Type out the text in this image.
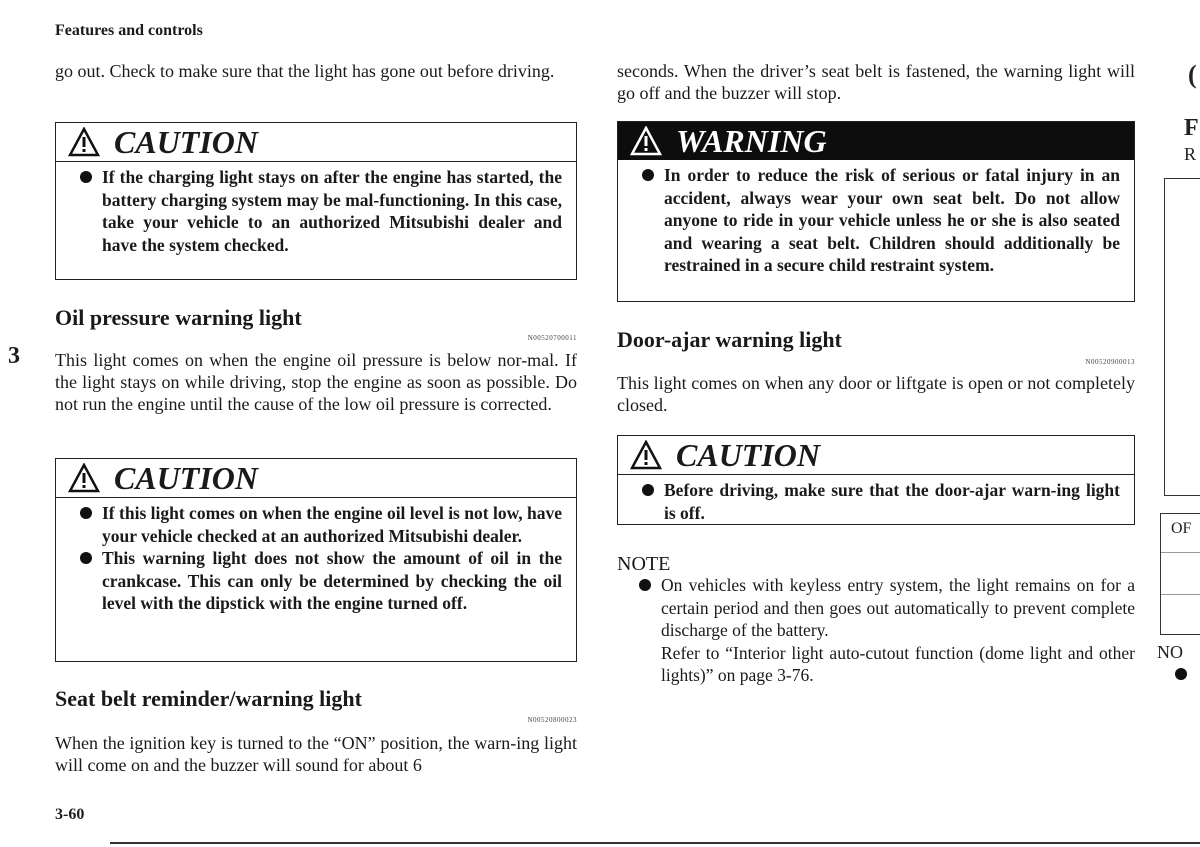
Features and controls
3
go out. Check to make sure that the light has gone out before driving.
CAUTION
If the charging light stays on after the engine has started, the battery charging system may be mal-functioning. In this case, take your vehicle to an authorized Mitsubishi dealer and have the system checked.
Oil pressure warning light
N00520700011
This light comes on when the engine oil pressure is below nor-mal. If the light stays on while driving, stop the engine as soon as possible. Do not run the engine until the cause of the low oil pressure is corrected.
CAUTION
If this light comes on when the engine oil level is not low, have your vehicle checked at an authorized Mitsubishi dealer.
This warning light does not show the amount of oil in the crankcase. This can only be determined by checking the oil level with the dipstick with the engine turned off.
Seat belt reminder/warning light
N00520800023
When the ignition key is turned to the “ON” position, the warn-ing light will come on and the buzzer will sound for about 6
seconds. When the driver’s seat belt is fastened, the warning light will go off and the buzzer will stop.
WARNING
In order to reduce the risk of serious or fatal injury in an accident, always wear your own seat belt. Do not allow anyone to ride in your vehicle unless he or she is also seated and wearing a seat belt. Children should additionally be restrained in a secure child restraint system.
Door-ajar warning light
N00520900013
This light comes on when any door or liftgate is open or not completely closed.
CAUTION
Before driving, make sure that the door-ajar warn-ing light is off.
NOTE
On vehicles with keyless entry system, the light remains on for a certain period and then goes out automatically to prevent complete discharge of the battery.
Refer to “Interior light auto-cutout function (dome light and other lights)” on page 3-76.
(
F
R
OF
NO
3-60
